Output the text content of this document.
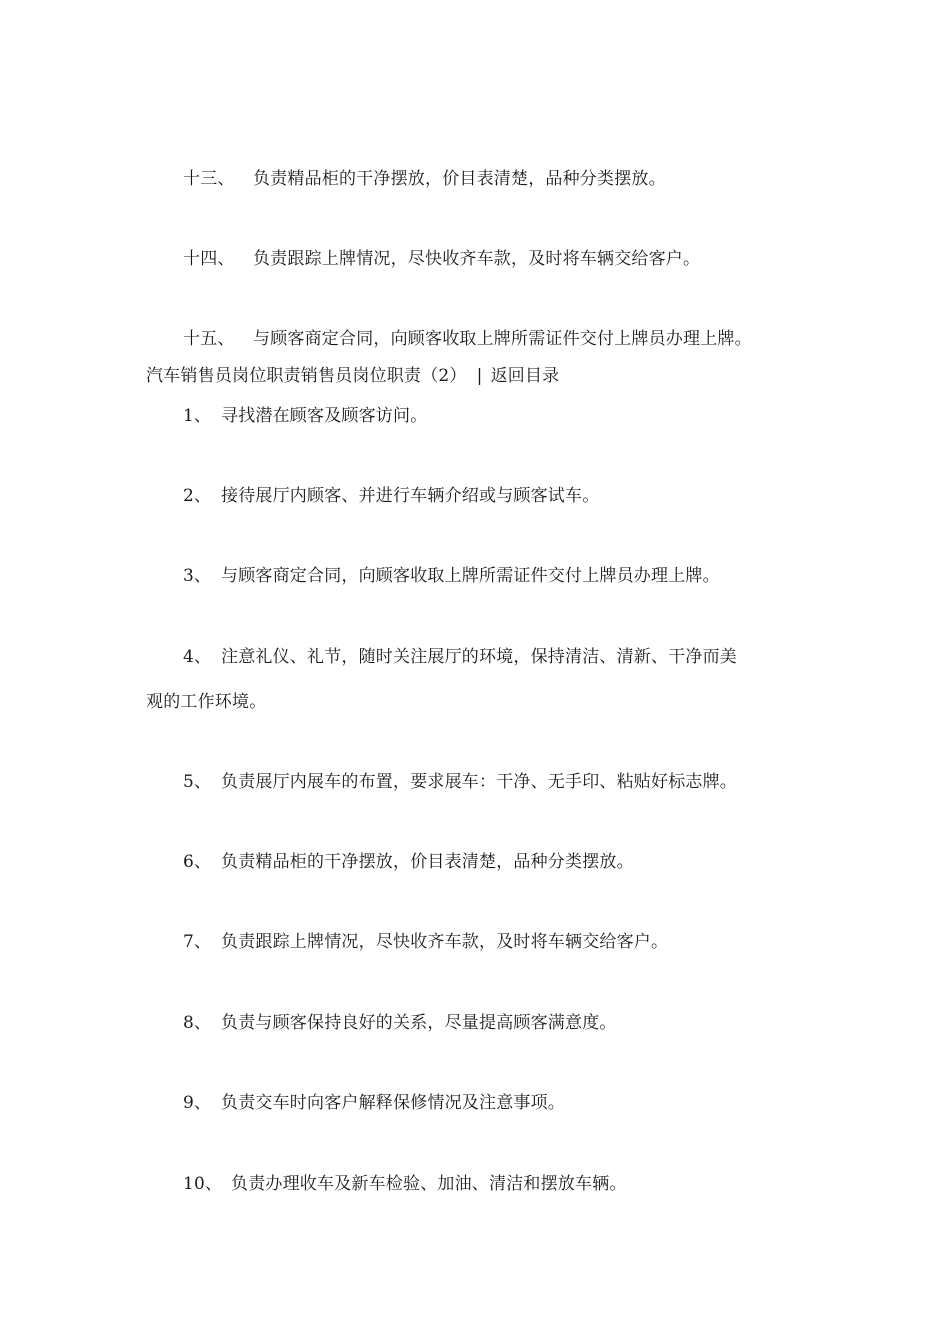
十三、 负责精品柜的干净摆放，价目表清楚，品种分类摆放。
十四、 负责跟踪上牌情况，尽快收齐车款，及时将车辆交给客户。
十五、 与顾客商定合同，向顾客收取上牌所需证件交付上牌员办理上牌。
汽车销售员岗位职责销售员岗位职责（2） | 返回目录
1、 寻找潜在顾客及顾客访问。
2、 接待展厅内顾客、并进行车辆介绍或与顾客试车。
3、 与顾客商定合同，向顾客收取上牌所需证件交付上牌员办理上牌。
4、 注意礼仪、礼节，随时关注展厅的环境，保持清洁、清新、干净而美
观的工作环境。
5、 负责展厅内展车的布置，要求展车：干净、无手印、粘贴好标志牌。
6、 负责精品柜的干净摆放，价目表清楚，品种分类摆放。
7、 负责跟踪上牌情况，尽快收齐车款，及时将车辆交给客户。
8、 负责与顾客保持良好的关系，尽量提高顾客满意度。
9、 负责交车时向客户解释保修情况及注意事项。
10、 负责办理收车及新车检验、加油、清洁和摆放车辆。
